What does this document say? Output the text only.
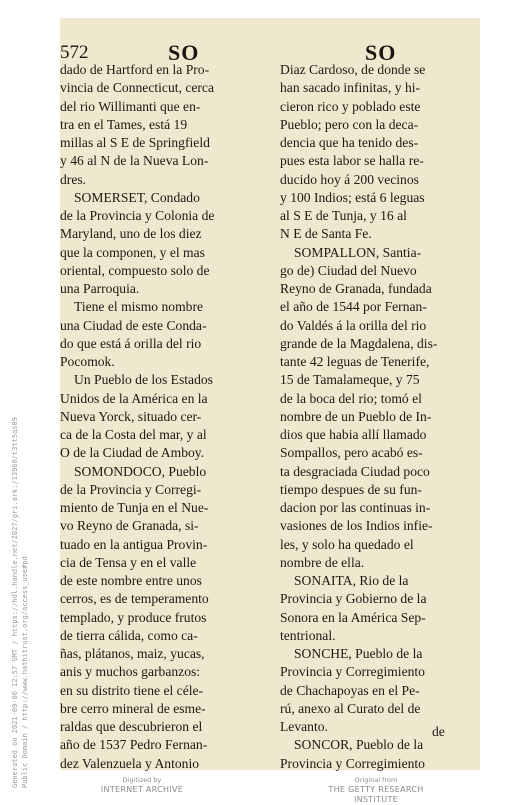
572	SO	SO
dado de Hartford en la Pro-
vincia de Connecticut, cerca
del rio Willimanti que en-
tra en el Tames, está 19
millas al S E de Springfield
y 46 al N de la Nueva Lon-
dres.
SOMERSET, Condado
de la Provincia y Colonia de
Maryland, uno de los diez
que la componen, y el mas
oriental, compuesto solo de
una Parroquia.
Tiene el mismo nombre
una Ciudad de este Conda-
do que está á orilla del rio
Pocomok.
Un Pueblo de los Estados
Unidos de la América en la
Nueva Yorck, situado cer-
ca de la Costa del mar, y al
O de la Ciudad de Amboy.
SOMONDOCO, Pueblo
de la Provincia y Corregi-
miento de Tunja en el Nue-
vo Reyno de Granada, si-
tuado en la antigua Provin-
cia de Tensa y en el valle
de este nombre entre unos
cerros, es de temperamento
templado, y produce frutos
de tierra cálida, como ca-
ñas, plátanos, maiz, yucas,
anis y muchos garbanzos:
en su distrito tiene el céle-
bre cerro mineral de esme-
raldas que descubrieron el
año de 1537 Pedro Fernan-
dez Valenzuela y Antonio
Diaz Cardoso, de donde se
han sacado infinitas, y hi-
cieron rico y poblado este
Pueblo; pero con la deca-
dencia que ha tenido des-
pues esta labor se halla re-
ducido hoy á 200 vecinos
y 100 Indios; está 6 leguas
al S E de Tunja, y 16 al
N E de Santa Fe.
SOMPALLON, Santia-
go de) Ciudad del Nuevo
Reyno de Granada, fundada
el año de 1544 por Fernan-
do Valdés á la orilla del rio
grande de la Magdalena, dis-
tante 42 leguas de Tenerife,
15 de Tamalameque, y 75
de la boca del rio; tomó el
nombre de un Pueblo de In-
dios que habia allí llamado
Sompallos, pero acabó es-
ta desgraciada Ciudad poco
tiempo despues de su fun-
dacion por las continuas in-
vasiones de los Indios infie-
les, y solo ha quedado el
nombre de ella.
SONAITA, Rio de la
Provincia y Gobierno de la
Sonora en la América Sep-
tentrional.
SONCHE, Pueblo de la
Provincia y Corregimiento
de Chachapoyas en el Pe-
rú, anexo al Curato del de
Levanto.
SONCOR, Pueblo de la
Provincia y Corregimiento
de
Generated on 2021-09-06 12:57 GMT / https://hdl.handle.net/2027/gri.ark:/13960/t3tt5qs09 Public Domain / http://www.hathitrust.org/access_use#pd	Digitized by
INTERNET ARCHIVE
Original from
THE GETTY RESEARCH INSTITUTE
